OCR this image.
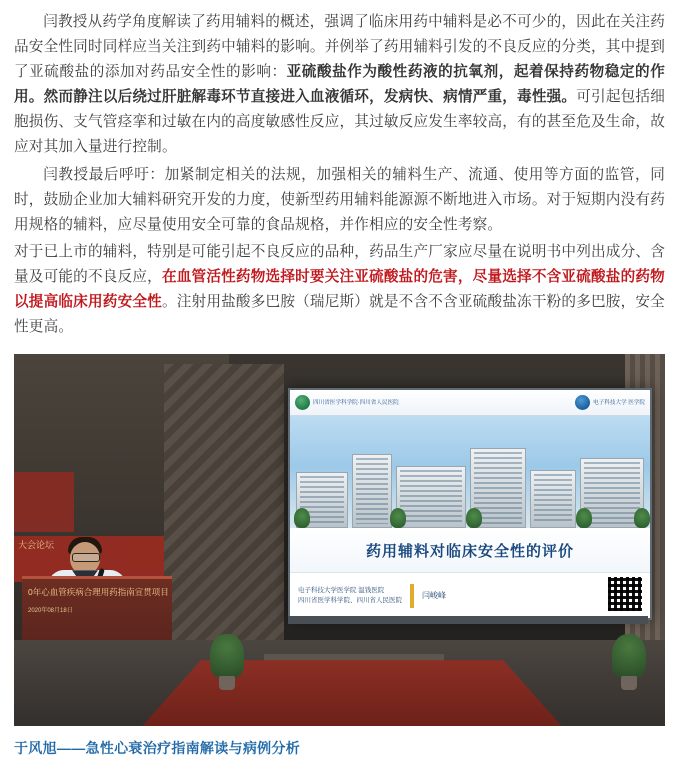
闫教授从药学角度解读了药用辅料的概述，强调了临床用药中辅料是必不可少的，因此在关注药品安全性同时同样应当关注到药中辅料的影响。并例举了药用辅料引发的不良反应的分类，其中提到了亚硫酸盐的添加对药品安全性的影响：亚硫酸盐作为酸性药液的抗氧剂，起着保持药物稳定的作用。然而静注以后绕过肝脏解毒环节直接进入血液循环，发病快、病情严重，毒性强。可引起包括细胞损伤、支气管痉挛和过敏在内的高度敏感性反应，其过敏反应发生率较高，有的甚至危及生命，故应对其加入量进行控制。

闫教授最后呼吁：加紧制定相关的法规，加强相关的辅料生产、流通、使用等方面的监管，同时，鼓励企业加大辅料研究开发的力度，使新型药用辅料能源源不断地进入市场。对于短期内没有药用规格的辅料，应尽量使用安全可靠的食品规格，并作相应的安全性考察。

对于已上市的辅料，特别是可能引起不良反应的品种，药品生产厂家应尽量在说明书中列出成分、含量及可能的不良反应，在血管活性药物选择时要关注亚硫酸盐的危害，尽量选择不含亚硫酸盐的药物以提高临床用药安全性。注射用盐酸多巴胺（瑞尼斯）就是不含不含亚硫酸盐冻干粉的多巴胺，安全性更高。

大会论坛
四川省医学科学院·四川省人民医院	电子科技大学 医学院
药用辅料对临床安全性的评价
电子科技大学医学院 温钱医院
四川省医学科学院、四川省人民医院	闫峻峰
0年心血管疾病合理用药指南宣贯项目
2020年08月18日
于风旭——急性心衰治疗指南解读与病例分析
